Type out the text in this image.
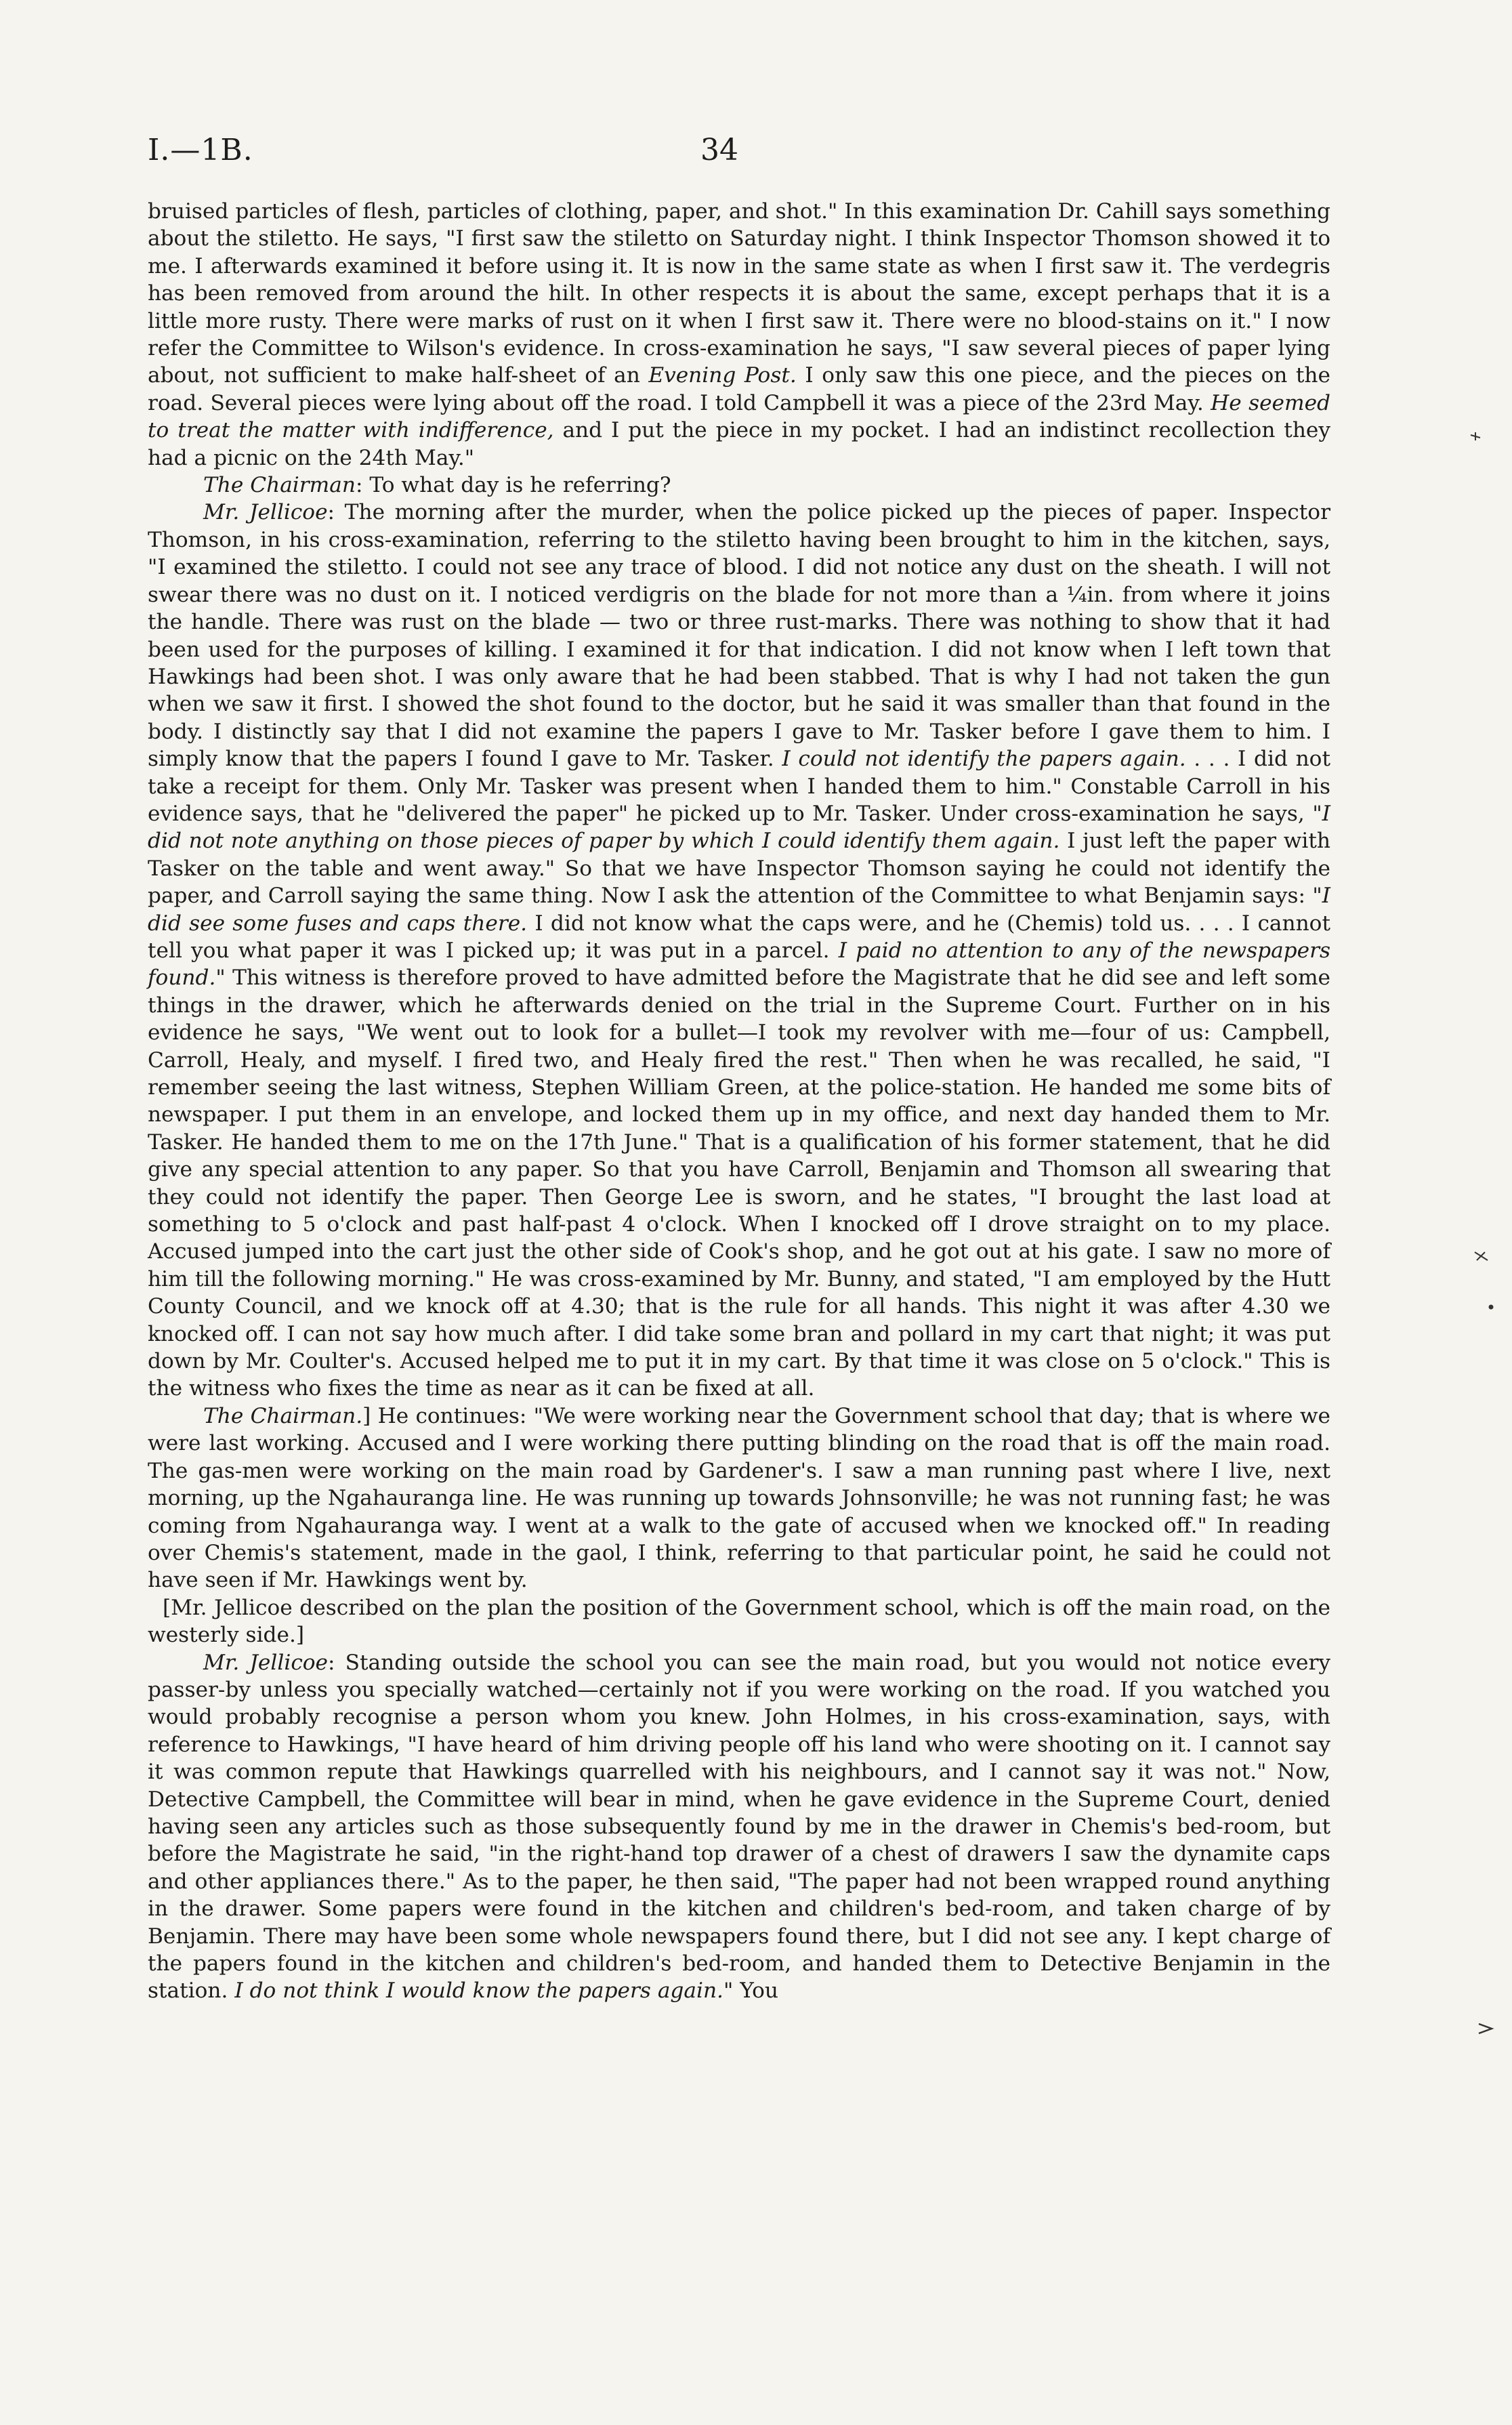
I.—1B.	34

bruised particles of flesh, particles of clothing, paper, and shot." In this examination Dr. Cahill says something about the stiletto. He says, "I first saw the stiletto on Saturday night. I think Inspector Thomson showed it to me. I afterwards examined it before using it. It is now in the same state as when I first saw it. The verdegris has been removed from around the hilt. In other respects it is about the same, except perhaps that it is a little more rusty. There were marks of rust on it when I first saw it. There were no blood-stains on it." I now refer the Committee to Wilson's evidence. In cross-examination he says, "I saw several pieces of paper lying about, not sufficient to make half-sheet of an Evening Post. I only saw this one piece, and the pieces on the road. Several pieces were lying about off the road. I told Campbell it was a piece of the 23rd May. He seemed to treat the matter with indifference, and I put the piece in my pocket. I had an indistinct recollection they had a picnic on the 24th May."

The Chairman: To what day is he referring?

Mr. Jellicoe: The morning after the murder, when the police picked up the pieces of paper. Inspector Thomson, in his cross-examination, referring to the stiletto having been brought to him in the kitchen, says, "I examined the stiletto. I could not see any trace of blood. I did not notice any dust on the sheath. I will not swear there was no dust on it. I noticed verdigris on the blade for not more than a ¼in. from where it joins the handle. There was rust on the blade — two or three rust-marks. There was nothing to show that it had been used for the purposes of killing. I examined it for that indication. I did not know when I left town that Hawkings had been shot. I was only aware that he had been stabbed. That is why I had not taken the gun when we saw it first. I showed the shot found to the doctor, but he said it was smaller than that found in the body. I distinctly say that I did not examine the papers I gave to Mr. Tasker before I gave them to him. I simply know that the papers I found I gave to Mr. Tasker. I could not identify the papers again. . . . I did not take a receipt for them. Only Mr. Tasker was present when I handed them to him." Constable Carroll in his evidence says, that he "delivered the paper" he picked up to Mr. Tasker. Under cross-examination he says, "I did not note anything on those pieces of paper by which I could identify them again. I just left the paper with Tasker on the table and went away." So that we have Inspector Thomson saying he could not identify the paper, and Carroll saying the same thing. Now I ask the attention of the Committee to what Benjamin says: "I did see some fuses and caps there. I did not know what the caps were, and he (Chemis) told us. . . . I cannot tell you what paper it was I picked up; it was put in a parcel. I paid no attention to any of the newspapers found." This witness is therefore proved to have admitted before the Magistrate that he did see and left some things in the drawer, which he afterwards denied on the trial in the Supreme Court. Further on in his evidence he says, "We went out to look for a bullet—I took my revolver with me—four of us: Campbell, Carroll, Healy, and myself. I fired two, and Healy fired the rest." Then when he was recalled, he said, "I remember seeing the last witness, Stephen William Green, at the police-station. He handed me some bits of newspaper. I put them in an envelope, and locked them up in my office, and next day handed them to Mr. Tasker. He handed them to me on the 17th June." That is a qualification of his former statement, that he did give any special attention to any paper. So that you have Carroll, Benjamin and Thomson all swearing that they could not identify the paper. Then George Lee is sworn, and he states, "I brought the last load at something to 5 o'clock and past half-past 4 o'clock. When I knocked off I drove straight on to my place. Accused jumped into the cart just the other side of Cook's shop, and he got out at his gate. I saw no more of him till the following morning." He was cross-examined by Mr. Bunny, and stated, "I am employed by the Hutt County Council, and we knock off at 4.30; that is the rule for all hands. This night it was after 4.30 we knocked off. I can not say how much after. I did take some bran and pollard in my cart that night; it was put down by Mr. Coulter's. Accused helped me to put it in my cart. By that time it was close on 5 o'clock." This is the witness who fixes the time as near as it can be fixed at all.

The Chairman.] He continues: "We were working near the Government school that day; that is where we were last working. Accused and I were working there putting blinding on the road that is off the main road. The gas-men were working on the main road by Gardener's. I saw a man running past where I live, next morning, up the Ngahauranga line. He was running up towards Johnsonville; he was not running fast; he was coming from Ngahauranga way. I went at a walk to the gate of accused when we knocked off." In reading over Chemis's statement, made in the gaol, I think, referring to that particular point, he said he could not have seen if Mr. Hawkings went by.

[Mr. Jellicoe described on the plan the position of the Government school, which is off the main road, on the westerly side.]

Mr. Jellicoe: Standing outside the school you can see the main road, but you would not notice every passer-by unless you specially watched—certainly not if you were working on the road. If you watched you would probably recognise a person whom you knew. John Holmes, in his cross-examination, says, with reference to Hawkings, "I have heard of him driving people off his land who were shooting on it. I cannot say it was common repute that Hawkings quarrelled with his neighbours, and I cannot say it was not." Now, Detective Campbell, the Committee will bear in mind, when he gave evidence in the Supreme Court, denied having seen any articles such as those subsequently found by me in the drawer in Chemis's bed-room, but before the Magistrate he said, "in the right-hand top drawer of a chest of drawers I saw the dynamite caps and other appliances there." As to the paper, he then said, "The paper had not been wrapped round anything in the drawer. Some papers were found in the kitchen and children's bed-room, and taken charge of by Benjamin. There may have been some whole newspapers found there, but I did not see any. I kept charge of the papers found in the kitchen and children's bed-room, and handed them to Detective Benjamin in the station. I do not think I would know the papers again." You
